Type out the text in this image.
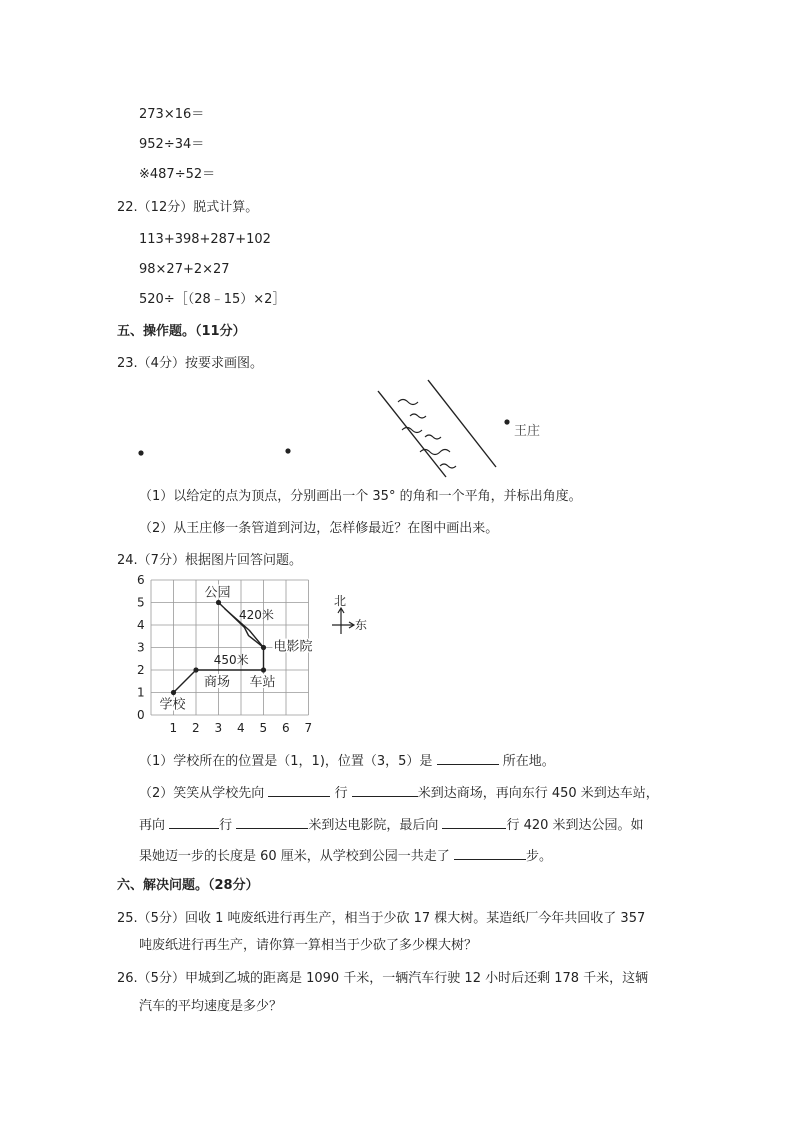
273×16＝
952÷34＝
※487÷52＝
22.（12分）脱式计算。
113+398+287+102
98×27+2×27
520÷［（28﹣15）×2］
五、操作题。（11分）
23.（4分）按要求画图。
王庄
（1）以给定的点为顶点，分别画出一个 35° 的角和一个平角，并标出角度。
（2）从王庄修一条管道到河边，怎样修最近？在图中画出来。
24.（7分）根据图片回答问题。
1 2 3 4 5 6 7
0
1
2
3
4
5
6
学校
商场 车站
电影院
公园
450米
420米
北
东
（1）学校所在的位置是（1，1)，位置（3，5）是	所在地。
（2）笑笑从学校先向	行	米到达商场，再向东行 450 米到达车站，
再向	行	米到达电影院，最后向	行 420 米到达公园。如
果她迈一步的长度是 60 厘米，从学校到公园一共走了	步。
六、解决问题。（28分）
25.（5分）回收 1 吨废纸进行再生产，相当于少砍 17 棵大树。某造纸厂今年共回收了 357
吨废纸进行再生产，请你算一算相当于少砍了多少棵大树？
26.（5分）甲城到乙城的距离是 1090 千米，一辆汽车行驶 12 小时后还剩 178 千米，这辆
汽车的平均速度是多少？
